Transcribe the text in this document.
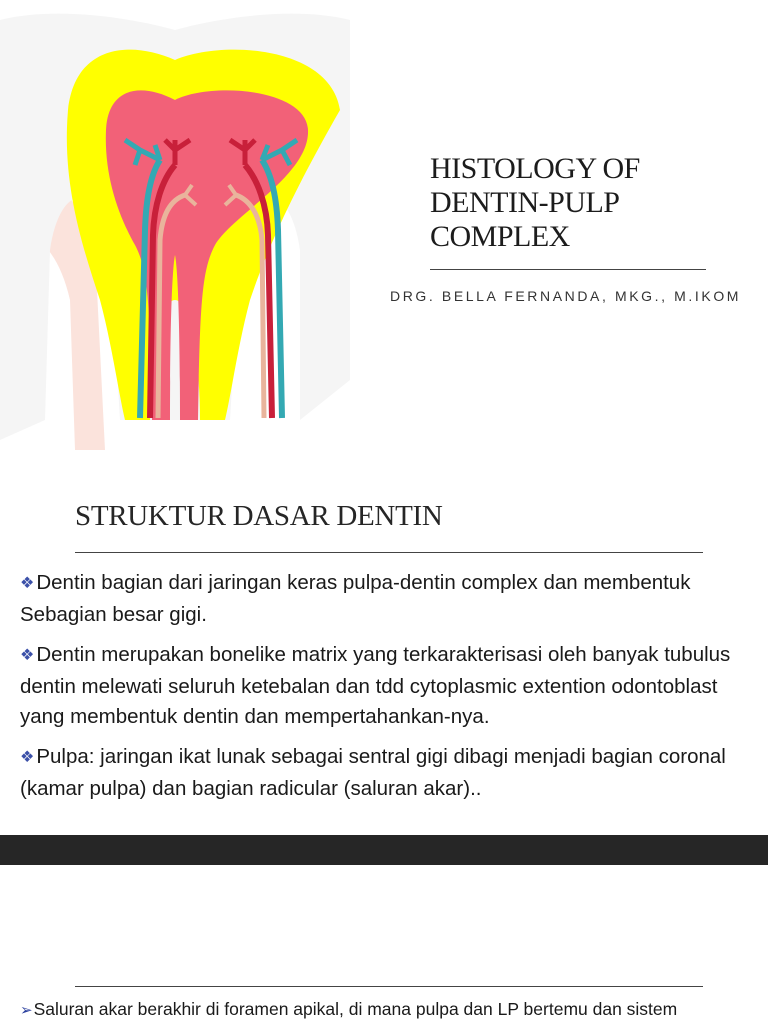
HISTOLOGY OF
DENTIN-PULP
COMPLEX
DRG. BELLA FERNANDA, MKG., M.IKOM
STRUKTUR DASAR DENTIN
❖Dentin bagian dari jaringan keras pulpa-dentin complex dan membentuk Sebagian besar gigi.
❖Dentin merupakan bonelike matrix yang terkarakterisasi oleh banyak tubulus dentin melewati seluruh ketebalan dan tdd cytoplasmic extention odontoblast yang membentuk dentin dan mempertahankan-nya.
❖Pulpa: jaringan ikat lunak sebagai sentral gigi dibagi menjadi bagian coronal (kamar pulpa) dan bagian radicular (saluran akar)..
➢Saluran akar berakhir di foramen apikal, di mana pulpa dan LP bertemu dan sistem
